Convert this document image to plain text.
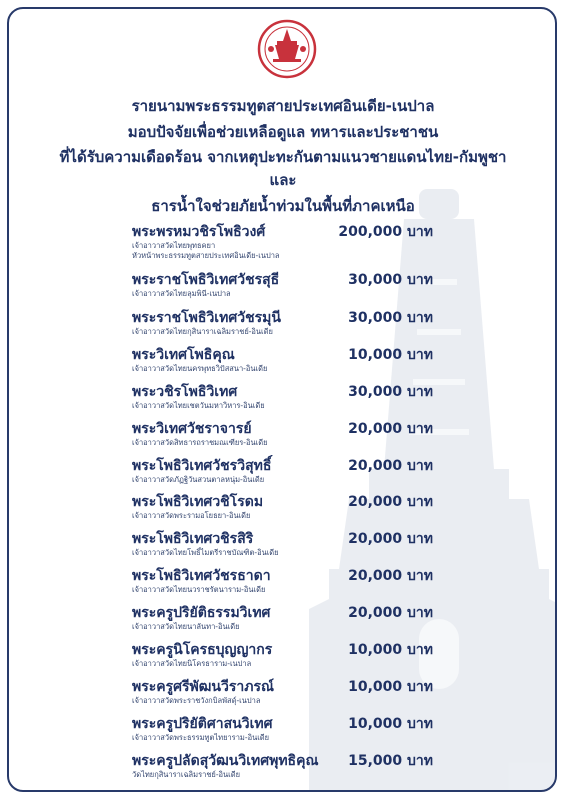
รายนามพระธรรมทูตสายประเทศอินเดีย-เนปาล
มอบปัจจัยเพื่อช่วยเหลือดูแล ทหารและประชาชน
ที่ได้รับความเดือดร้อน จากเหตุปะทะกันตามแนวชายแดนไทย-กัมพูชา
และ
ธารน้ำใจช่วยภัยน้ำท่วมในพื้นที่ภาคเหนือ
พระพรหมวชิรโพธิวงศ์
เจ้าอาวาสวัดไทยพุทธคยา
หัวหน้าพระธรรมทูตสายประเทศอินเดีย-เนปาล
200,000 บาท
พระราชโพธิวิเทศวัชรสุธี
เจ้าอาวาสวัดไทยลุมพินี-เนปาล
30,000 บาท
พระราชโพธิวิเทศวัชรมุนี
เจ้าอาวาสวัดไทยกุสินาราเฉลิมราชย์-อินเดีย
30,000 บาท
พระวิเทศโพธิคุณ
เจ้าอาวาสวัดไทยนครพุทธวิปัสสนา-อินเดีย
10,000 บาท
พระวชิรโพธิวิเทศ
เจ้าอาวาสวัดไทยเชตวันมหาวิหาร-อินเดีย
30,000 บาท
พระวิเทศวัชราจารย์
เจ้าอาวาสวัดสิทธารถราชมณเฑียร-อินเดีย
20,000 บาท
พระโพธิวิเทศวัชรวิสุทธิ์
เจ้าอาวาสวัดภัฏฐิวันสวนตาลหนุ่ม-อินเดีย
20,000 บาท
พระโพธิวิเทศวชิโรดม
เจ้าอาวาสวัดพระรามอโยธยา-อินเดีย
20,000 บาท
พระโพธิวิเทศวชิรสิริ
เจ้าอาวาสวัดไทยโพธิ์ไมตรีราชบัณฑิต-อินเดีย
20,000 บาท
พระโพธิวิเทศวัชรธาดา
เจ้าอาวาสวัดไทยนวราชรัตนาราม-อินเดีย
20,000 บาท
พระครูปริยัติธรรมวิเทศ
เจ้าอาวาสวัดไทยนาลันทา-อินเดีย
20,000 บาท
พระครูนิโครธบุญญากร
เจ้าอาวาสวัดไทยนิโครธาราม-เนปาล
10,000 บาท
พระครูศรีพัฒนวีราภรณ์
เจ้าอาวาสวัดพระราชวังกบิลพัสดุ์-เนปาล
10,000 บาท
พระครูปริยัติศาสนวิเทศ
เจ้าอาวาสวัดพระธรรมทูตไทยาราม-อินเดีย
10,000 บาท
พระครูปลัดสุวัฒนวิเทศพุทธิคุณ
วัดไทยกุสินาราเฉลิมราชย์-อินเดีย
15,000 บาท
